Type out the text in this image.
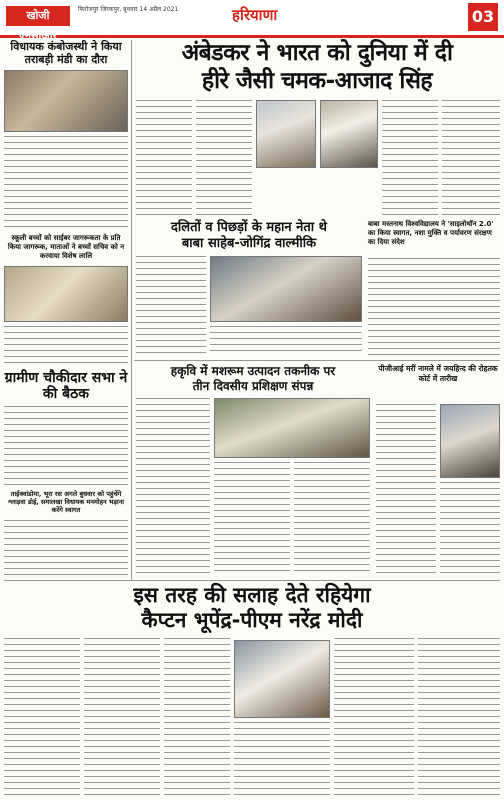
खोजी एनसीआर
फिरोजपुर जिरकपुर, बुधवार 14 अप्रैल 2021	हरियाणा	03
विधायक कंबोजस्थी ने किया तराबड़ी मंडी का दौरा
स्कूली बच्चों को साईबर जागरूकता के प्रति किया जागरूक, माताओं ने बच्चों सचिव को न करवाया विशेष लालि
ग्रामीण चौकीदार सभा ने की बैठक
ताईक्वांडोमा, भूरा रस अगले बुधवार को पहुंचेंगे श्लाड़वा डोई, समालखा विधायक मनमोहन भड़ाना करेंगे स्वागत
अंबेडकर ने भारत को दुनिया में दी
हीरे जैसी चमक-आजाद सिंह
दलितों व पिछड़ों के महान नेता थे
बाबा साहेब-जोगिंद्र वाल्मीकि
बाबा मस्तनाथ विश्वविद्यालय ने 'साइलोथॉन 2.0' का किया स्वागत, नशा मुक्ति व पर्यावरण संरक्षण का दिया संदेश
हकृवि में मशरूम उत्पादन तकनीक पर
तीन दिवसीय प्रशिक्षण संपन्न
पीजीआई मरीं नामले में जयहिन्द की रोहतक कोर्ट में तारीख
इस तरह की सलाह देते रहियेगा
कैप्टन भूपेंद्र-पीएम नरेंद्र मोदी
